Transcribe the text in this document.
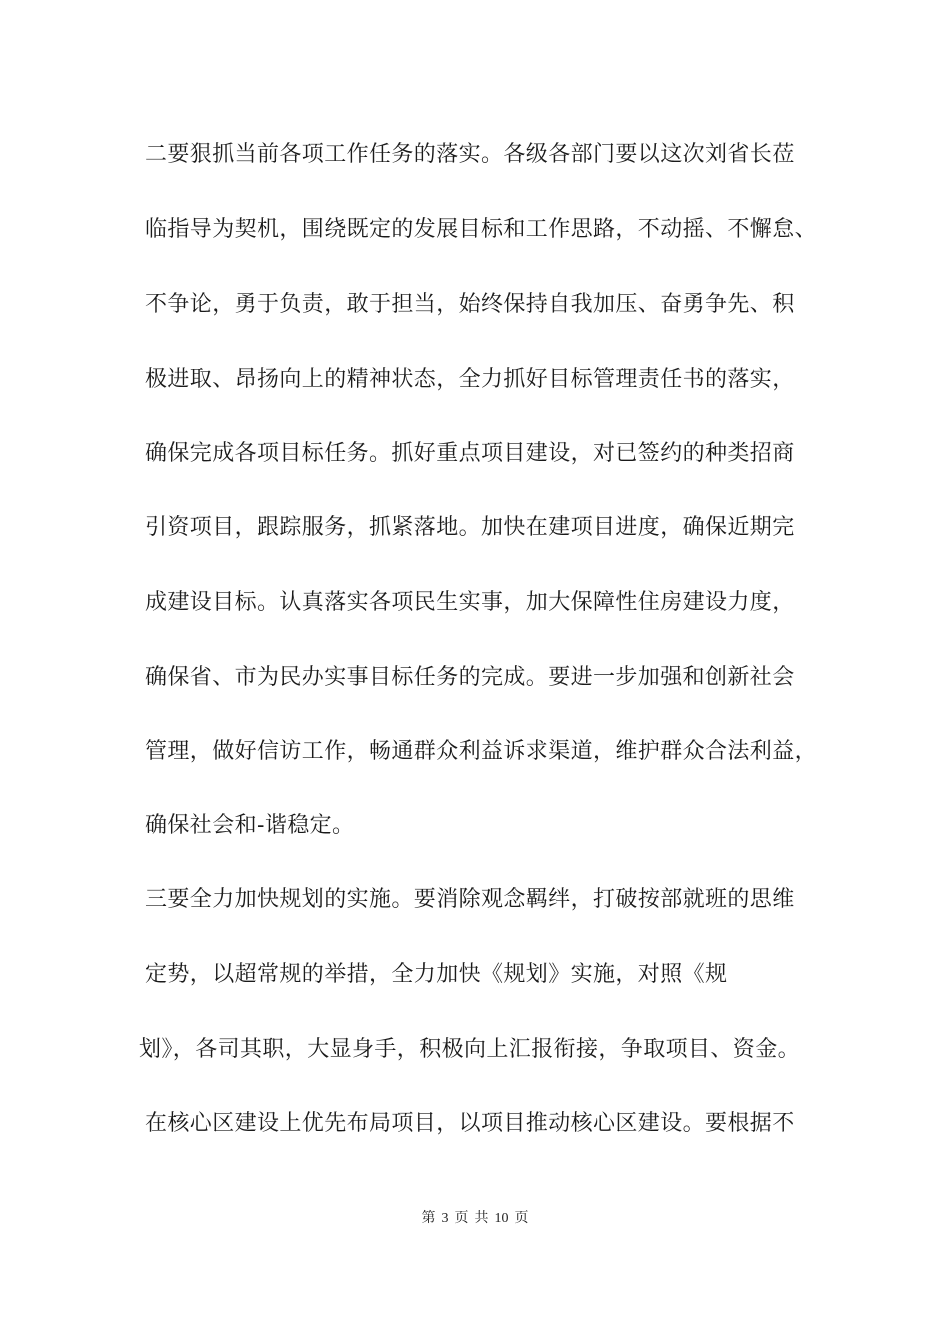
二要狠抓当前各项工作任务的落实。各级各部门要以这次刘省长莅
临指导为契机，围绕既定的发展目标和工作思路，不动摇、不懈怠、
不争论，勇于负责，敢于担当，始终保持自我加压、奋勇争先、积
极进取、昂扬向上的精神状态，全力抓好目标管理责任书的落实，
确保完成各项目标任务。抓好重点项目建设，对已签约的种类招商
引资项目，跟踪服务，抓紧落地。加快在建项目进度，确保近期完
成建设目标。认真落实各项民生实事，加大保障性住房建设力度，
确保省、市为民办实事目标任务的完成。要进一步加强和创新社会
管理，做好信访工作，畅通群众利益诉求渠道，维护群众合法利益，
确保社会和-谐稳定。
三要全力加快规划的实施。要消除观念羁绊，打破按部就班的思维
定势，以超常规的举措，全力加快《规划》实施，对照《规
划》，各司其职，大显身手，积极向上汇报衔接，争取项目、资金。
在核心区建设上优先布局项目，以项目推动核心区建设。要根据不
第 3 页 共 10 页
